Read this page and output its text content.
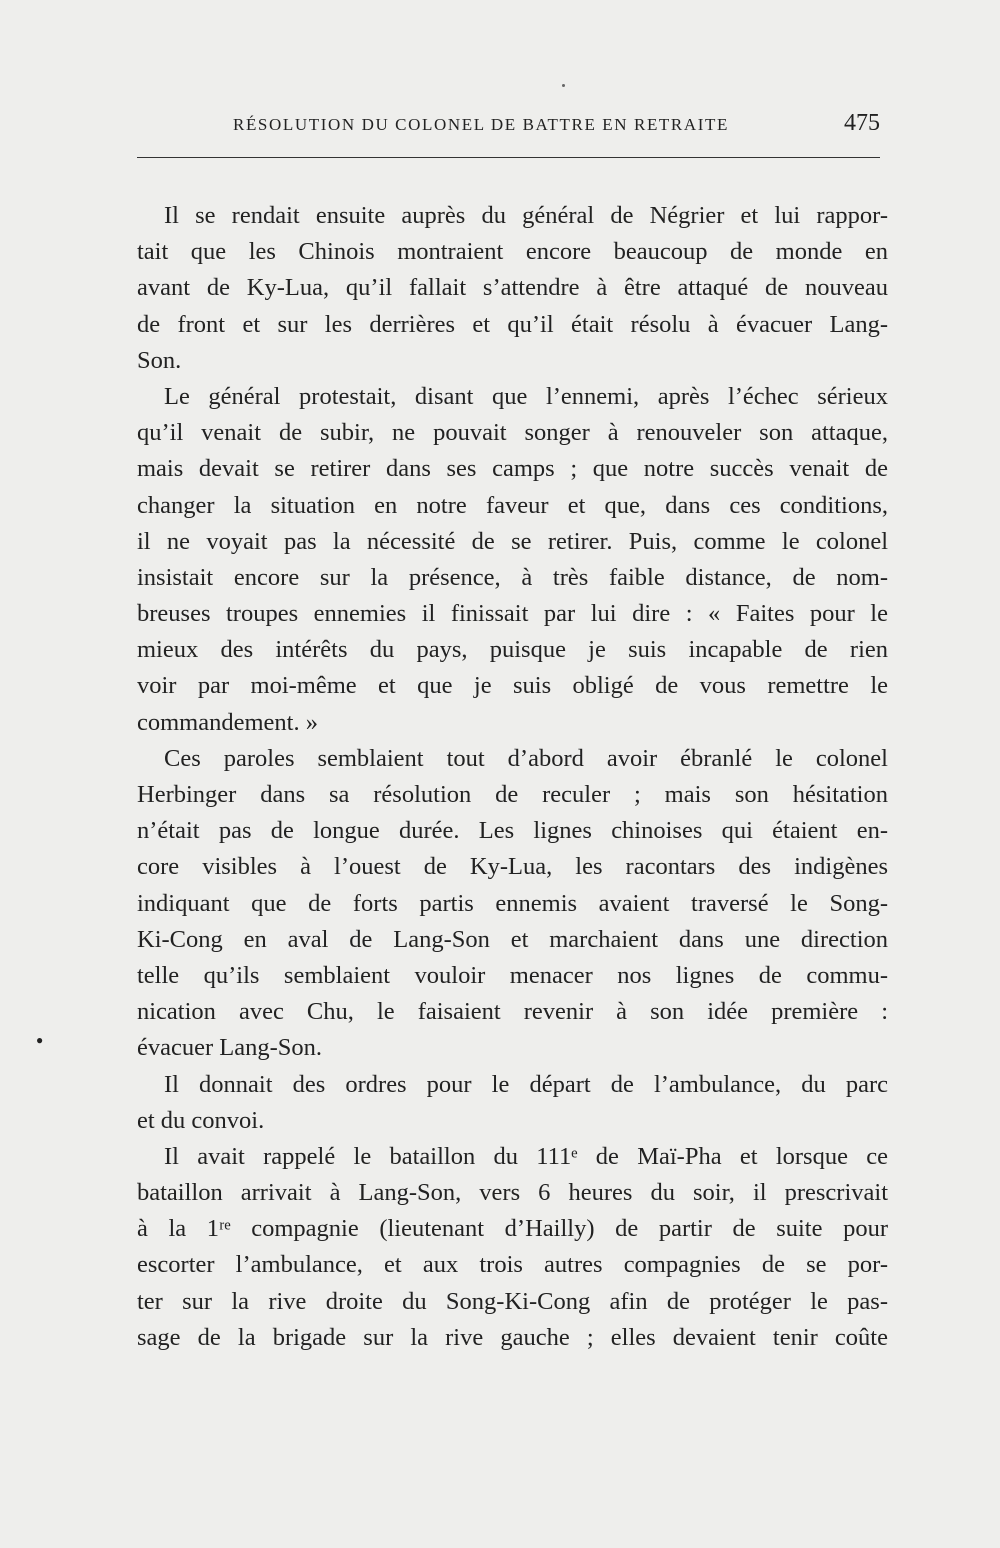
RÉSOLUTION DU COLONEL DE BATTRE EN RETRAITE	475
●
Il se rendait ensuite auprès du général de Négrier et lui rappor-
tait que les Chinois montraient encore beaucoup de monde en
avant de Ky-Lua, qu’il fallait s’attendre à être attaqué de nouveau
de front et sur les derrières et qu’il était résolu à évacuer Lang-
Son.
Le général protestait, disant que l’ennemi, après l’échec sérieux
qu’il venait de subir, ne pouvait songer à renouveler son attaque,
mais devait se retirer dans ses camps ; que notre succès venait de
changer la situation en notre faveur et que, dans ces conditions,
il ne voyait pas la nécessité de se retirer. Puis, comme le colonel
insistait encore sur la présence, à très faible distance, de nom-
breuses troupes ennemies il finissait par lui dire : « Faites pour le
mieux des intérêts du pays, puisque je suis incapable de rien
voir par moi-même et que je suis obligé de vous remettre le
commandement. »
Ces paroles semblaient tout d’abord avoir ébranlé le colonel
Herbinger dans sa résolution de reculer ; mais son hésitation
n’était pas de longue durée. Les lignes chinoises qui étaient en-
core visibles à l’ouest de Ky-Lua, les racontars des indigènes
indiquant que de forts partis ennemis avaient traversé le Song-
Ki-Cong en aval de Lang-Son et marchaient dans une direction
telle qu’ils semblaient vouloir menacer nos lignes de commu-
nication avec Chu, le faisaient revenir à son idée première :
évacuer Lang-Son.
Il donnait des ordres pour le départ de l’ambulance, du parc
et du convoi.
Il avait rappelé le bataillon du 111ᵉ de Maï-Pha et lorsque ce
bataillon arrivait à Lang-Son, vers 6 heures du soir, il prescrivait
à la 1ʳᵉ compagnie (lieutenant d’Hailly) de partir de suite pour
escorter l’ambulance, et aux trois autres compagnies de se por-
ter sur la rive droite du Song-Ki-Cong afin de protéger le pas-
sage de la brigade sur la rive gauche ; elles devaient tenir coûte
